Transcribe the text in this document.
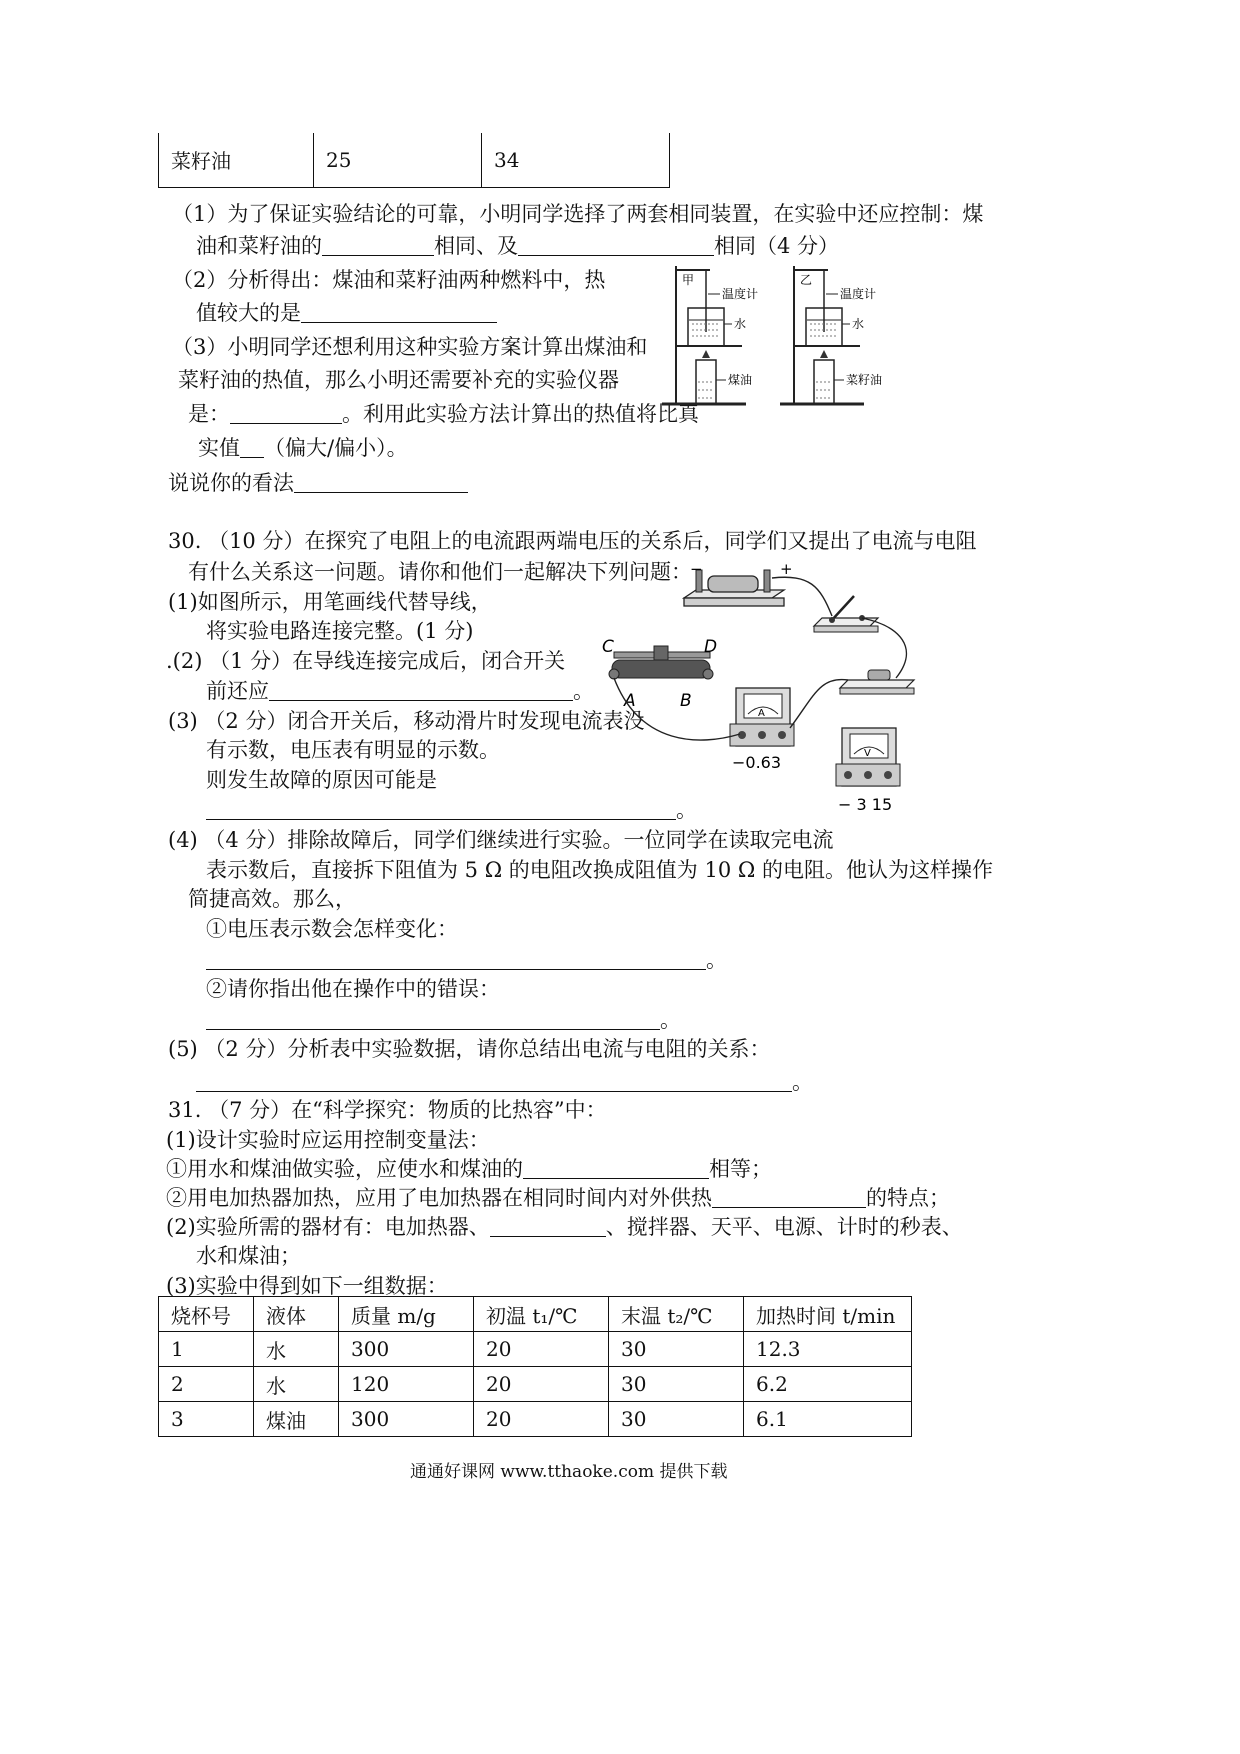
菜籽油	25	34
（1）为了保证实验结论的可靠，小明同学选择了两套相同装置，在实验中还应控制：煤
油和菜籽油的	相同、及	相同（4 分）
（2）分析得出：煤油和菜籽油两种燃料中，热
值较大的是
（3）小明同学还想利用这种实验方案计算出煤油和
菜籽油的热值，那么小明还需要补充的实验仪器
是：	。利用此实验方法计算出的热值将比真
实值 （偏大/偏小）。
说说你的看法
甲
温度计
水
煤油
乙
温度计
水
菜籽油
30. （10 分）在探究了电阻上的电流跟两端电压的关系后，同学们又提出了电流与电阻
有什么关系这一问题。请你和他们一起解决下列问题：
(1)如图所示，用笔画线代替导线，
将实验电路连接完整。(1 分)
.(2) （1 分）在导线连接完成后，闭合开关
前还应	。
(3) （2 分）闭合开关后，移动滑片时发现电流表没
有示数，电压表有明显的示数。
则发生故障的原因可能是
。
(4) （4 分）排除故障后，同学们继续进行实验。一位同学在读取完电流
表示数后，直接拆下阻值为 5 Ω 的电阻改换成阻值为 10 Ω 的电阻。他认为这样操作
简捷高效。那么，
①电压表示数会怎样变化：
。
②请你指出他在操作中的错误：
。
(5) （2 分）分析表中实验数据，请你总结出电流与电阻的关系：
。
−	+
C	D
A	B
A
−0.63	V
− 3 15
31. （7 分）在“科学探究：物质的比热容”中：
(1)设计实验时应运用控制变量法：
①用水和煤油做实验，应使水和煤油的	相等；
②用电加热器加热，应用了电加热器在相同时间内对外供热	的特点；
(2)实验所需的器材有：电加热器、	、搅拌器、天平、电源、计时的秒表、
水和煤油；
(3)实验中得到如下一组数据：
烧杯号	液体	质量 m/g	初温 t₁/℃	末温 t₂/℃	加热时间 t/min
1	水	300	20	30	12.3
2	水	120	20	30	6.2
3	煤油	300	20	30	6.1
通通好课网 www.tthaoke.com 提供下载
